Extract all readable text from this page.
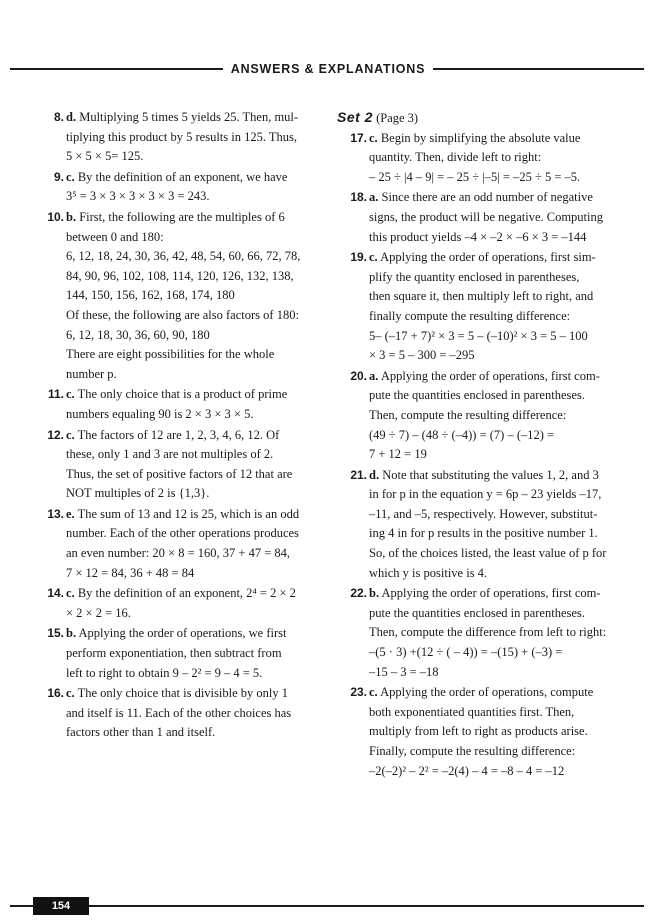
ANSWERS & EXPLANATIONS
8. d. Multiplying 5 times 5 yields 25. Then, mul-
tiplying this product by 5 results in 125. Thus,
5 × 5 × 5= 125.
9. c. By the definition of an exponent, we have
3⁵ = 3 × 3 × 3 × 3 × 3 = 243.
10. b. First, the following are the multiples of 6
between 0 and 180:
6, 12, 18, 24, 30, 36, 42, 48, 54, 60, 66, 72, 78,
84, 90, 96, 102, 108, 114, 120, 126, 132, 138,
144, 150, 156, 162, 168, 174, 180
Of these, the following are also factors of 180:
6, 12, 18, 30, 36, 60, 90, 180
There are eight possibilities for the whole
number p.
11. c. The only choice that is a product of prime
numbers equaling 90 is 2 × 3 × 3 × 5.
12. c. The factors of 12 are 1, 2, 3, 4, 6, 12. Of
these, only 1 and 3 are not multiples of 2.
Thus, the set of positive factors of 12 that are
NOT multiples of 2 is {1,3}.
13. e. The sum of 13 and 12 is 25, which is an odd
number. Each of the other operations produces
an even number: 20 × 8 = 160, 37 + 47 = 84,
7 × 12 = 84, 36 + 48 = 84
14. c. By the definition of an exponent, 2⁴ = 2 × 2
× 2 × 2 = 16.
15. b. Applying the order of operations, we first
perform exponentiation, then subtract from
left to right to obtain 9 – 2² = 9 – 4 = 5.
16. c. The only choice that is divisible by only 1
and itself is 11. Each of the other choices has
factors other than 1 and itself.
Set 2 (Page 3)
17. c. Begin by simplifying the absolute value
quantity. Then, divide left to right:
– 25 ÷ |4 – 9| = – 25 ÷ |–5| = –25 ÷ 5 = –5.
18. a. Since there are an odd number of negative
signs, the product will be negative. Computing
this product yields –4 × –2 × –6 × 3 = –144
19. c. Applying the order of operations, first sim-
plify the quantity enclosed in parentheses,
then square it, then multiply left to right, and
finally compute the resulting difference:
5– (–17 + 7)² × 3 = 5 – (–10)² × 3 = 5 – 100
× 3 = 5 – 300 = –295
20. a. Applying the order of operations, first com-
pute the quantities enclosed in parentheses.
Then, compute the resulting difference:
(49 ÷ 7) – (48 ÷ (–4)) = (7) – (–12) =
7 + 12 = 19
21. d. Note that substituting the values 1, 2, and 3
in for p in the equation y = 6p – 23 yields –17,
–11, and –5, respectively. However, substitut-
ing 4 in for p results in the positive number 1.
So, of the choices listed, the least value of p for
which y is positive is 4.
22. b. Applying the order of operations, first com-
pute the quantities enclosed in parentheses.
Then, compute the difference from left to right:
–(5 · 3) +(12 ÷ ( – 4)) = –(15) + (–3) =
–15 – 3 = –18
23. c. Applying the order of operations, compute
both exponentiated quantities first. Then,
multiply from left to right as products arise.
Finally, compute the resulting difference:
–2(–2)² – 2² = –2(4) – 4 = –8 – 4 = –12
154
